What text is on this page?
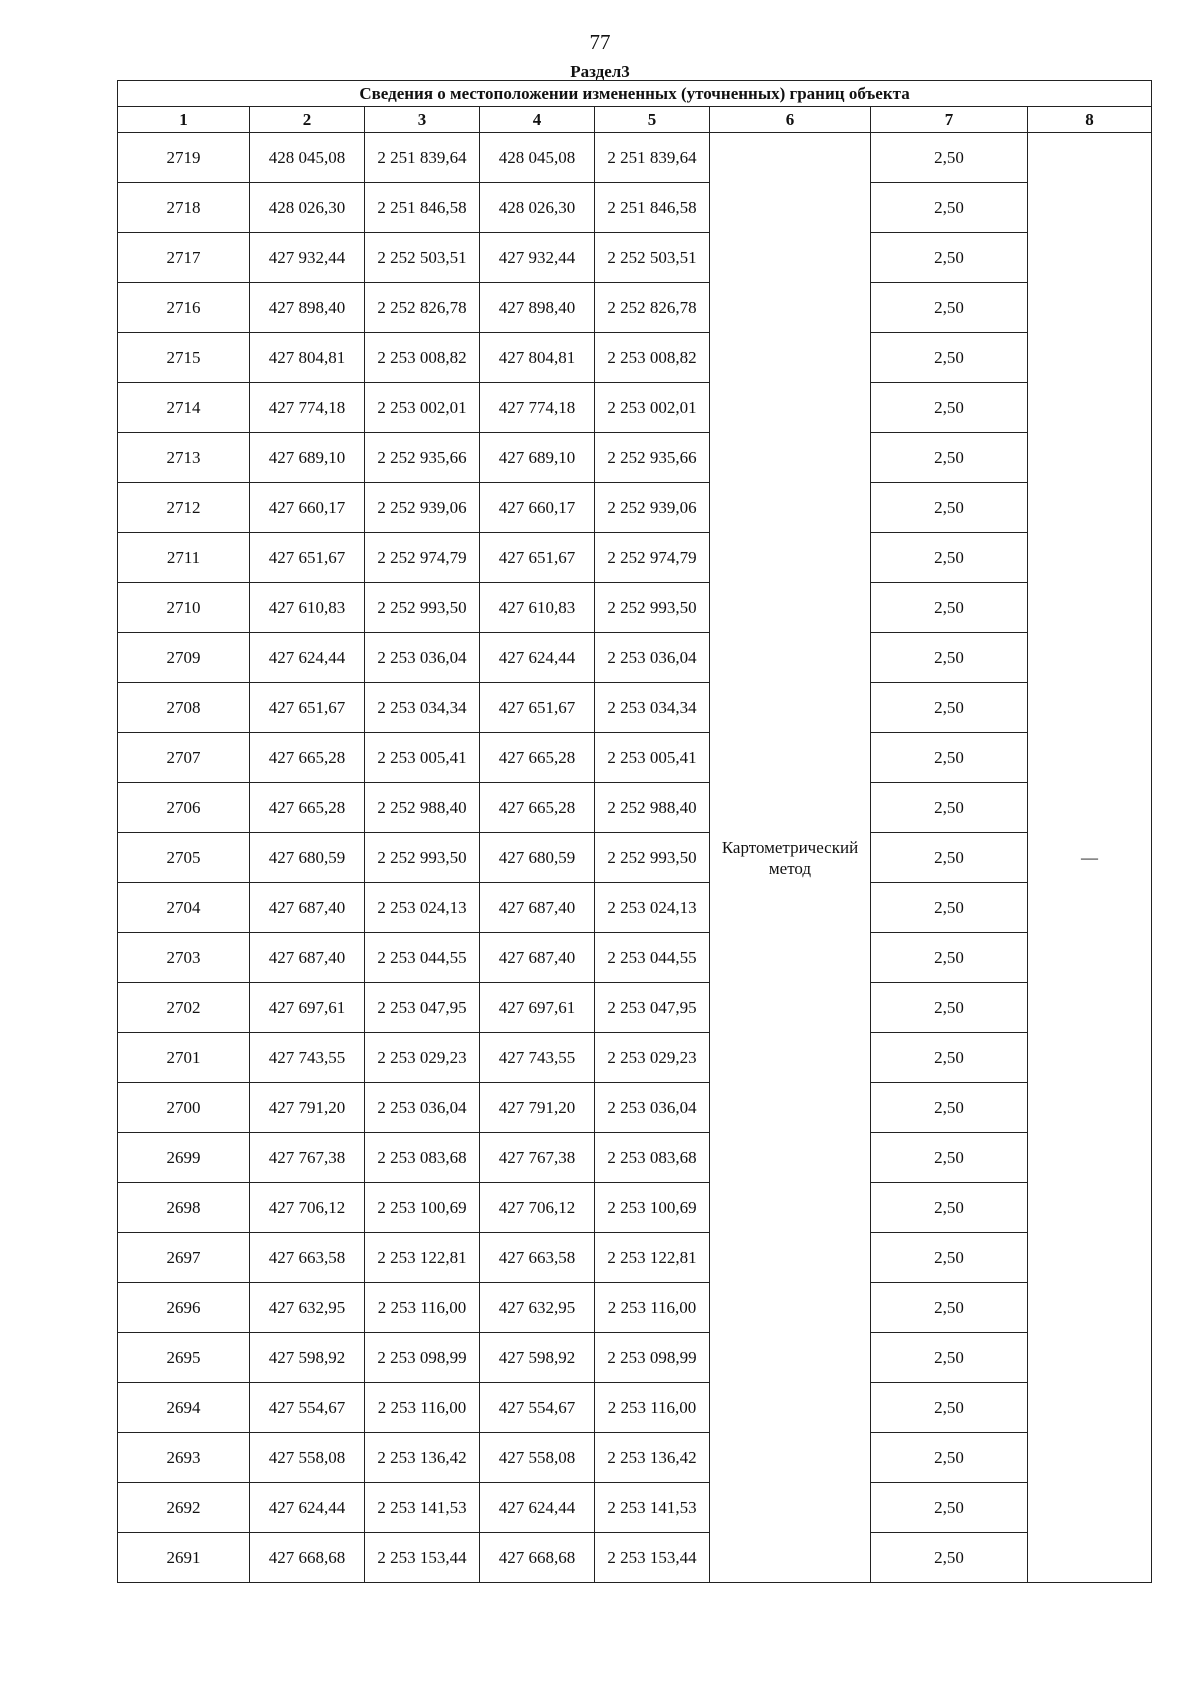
77
Раздел3
Сведения о местоположении измененных (уточненных) границ объекта							
1	2	3	4	5	6	7	8
2719	428 045,08	2 251 839,64	428 045,08	2 251 839,64	Картометрический метод	2,50	—
2718	428 026,30	2 251 846,58	428 026,30	2 251 846,58		2,50	
2717	427 932,44	2 252 503,51	427 932,44	2 252 503,51		2,50	
2716	427 898,40	2 252 826,78	427 898,40	2 252 826,78		2,50	
2715	427 804,81	2 253 008,82	427 804,81	2 253 008,82		2,50	
2714	427 774,18	2 253 002,01	427 774,18	2 253 002,01		2,50	
2713	427 689,10	2 252 935,66	427 689,10	2 252 935,66		2,50	
2712	427 660,17	2 252 939,06	427 660,17	2 252 939,06		2,50	
2711	427 651,67	2 252 974,79	427 651,67	2 252 974,79		2,50	
2710	427 610,83	2 252 993,50	427 610,83	2 252 993,50		2,50	
2709	427 624,44	2 253 036,04	427 624,44	2 253 036,04		2,50	
2708	427 651,67	2 253 034,34	427 651,67	2 253 034,34		2,50	
2707	427 665,28	2 253 005,41	427 665,28	2 253 005,41		2,50	
2706	427 665,28	2 252 988,40	427 665,28	2 252 988,40		2,50	
2705	427 680,59	2 252 993,50	427 680,59	2 252 993,50		2,50	
2704	427 687,40	2 253 024,13	427 687,40	2 253 024,13		2,50	
2703	427 687,40	2 253 044,55	427 687,40	2 253 044,55		2,50	
2702	427 697,61	2 253 047,95	427 697,61	2 253 047,95		2,50	
2701	427 743,55	2 253 029,23	427 743,55	2 253 029,23		2,50	
2700	427 791,20	2 253 036,04	427 791,20	2 253 036,04		2,50	
2699	427 767,38	2 253 083,68	427 767,38	2 253 083,68		2,50	
2698	427 706,12	2 253 100,69	427 706,12	2 253 100,69		2,50	
2697	427 663,58	2 253 122,81	427 663,58	2 253 122,81		2,50	
2696	427 632,95	2 253 116,00	427 632,95	2 253 116,00		2,50	
2695	427 598,92	2 253 098,99	427 598,92	2 253 098,99		2,50	
2694	427 554,67	2 253 116,00	427 554,67	2 253 116,00		2,50	
2693	427 558,08	2 253 136,42	427 558,08	2 253 136,42		2,50	
2692	427 624,44	2 253 141,53	427 624,44	2 253 141,53		2,50	
2691	427 668,68	2 253 153,44	427 668,68	2 253 153,44		2,50	
